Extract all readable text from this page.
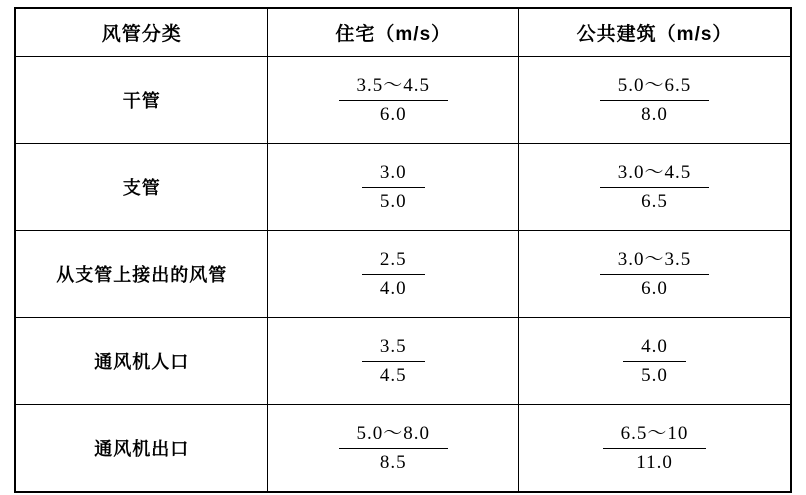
风管分类	住宅（m/s）	公共建筑（m/s）
干管	$\frac{3.5\sim 4.5}{6.0}$	$\frac{5.0\sim 6.5}{8.0}$

支管	$\frac{3.0}{5.0}$	$\frac{3.0\sim 4.5}{6.5}$

从支管上接出的风管	$\frac{2.5}{4.0}$	$\frac{3.0\sim 3.5}{6.0}$

通风机人口	$\frac{3.5}{4.5}$	$\frac{4.0}{5.0}$

通风机出口	$\frac{5.0\sim 8.0}{8.5}$	$\frac{6.5\sim 10}{11.0}$
